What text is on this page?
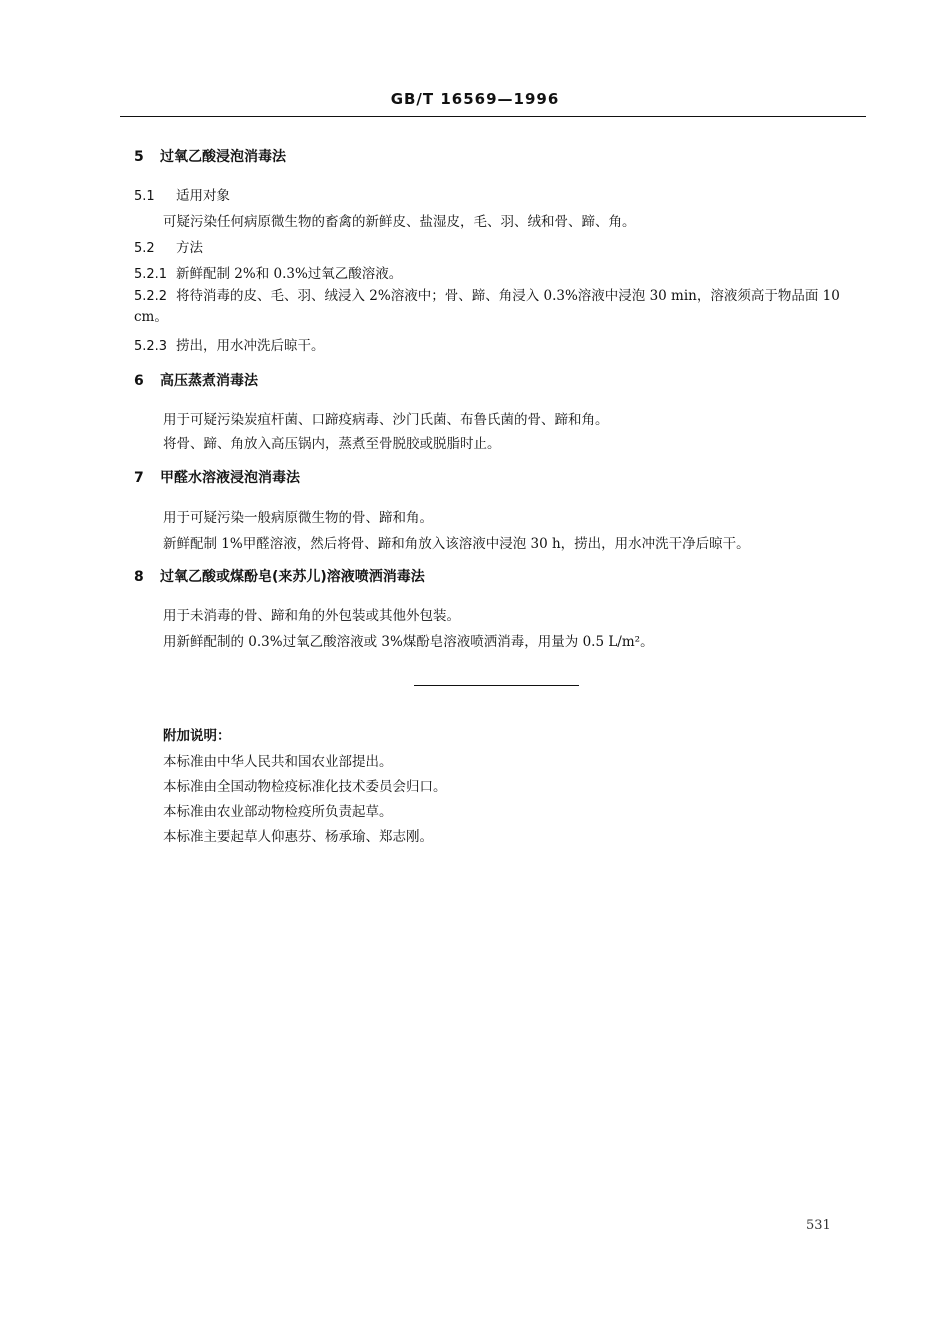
GB/T 16569—1996
5 过氧乙酸浸泡消毒法
5.1 适用对象
可疑污染任何病原微生物的畜禽的新鲜皮、盐湿皮，毛、羽、绒和骨、蹄、角。
5.2 方法
5.2.1 新鲜配制 2%和 0.3%过氧乙酸溶液。
5.2.2 将待消毒的皮、毛、羽、绒浸入 2%溶液中；骨、蹄、角浸入 0.3%溶液中浸泡 30 min，溶液须高于物品面 10 cm。
5.2.3 捞出，用水冲洗后晾干。
6 高压蒸煮消毒法
用于可疑污染炭疽杆菌、口蹄疫病毒、沙门氏菌、布鲁氏菌的骨、蹄和角。
将骨、蹄、角放入高压锅内，蒸煮至骨脱胶或脱脂时止。
7 甲醛水溶液浸泡消毒法
用于可疑污染一般病原微生物的骨、蹄和角。
新鲜配制 1%甲醛溶液，然后将骨、蹄和角放入该溶液中浸泡 30 h，捞出，用水冲洗干净后晾干。
8 过氧乙酸或煤酚皂(来苏儿)溶液喷洒消毒法
用于未消毒的骨、蹄和角的外包装或其他外包装。
用新鲜配制的 0.3%过氧乙酸溶液或 3%煤酚皂溶液喷洒消毒，用量为 0.5 L/m²。
附加说明：
本标准由中华人民共和国农业部提出。
本标准由全国动物检疫标准化技术委员会归口。
本标准由农业部动物检疫所负责起草。
本标准主要起草人仰惠芬、杨承瑜、郑志刚。
531
